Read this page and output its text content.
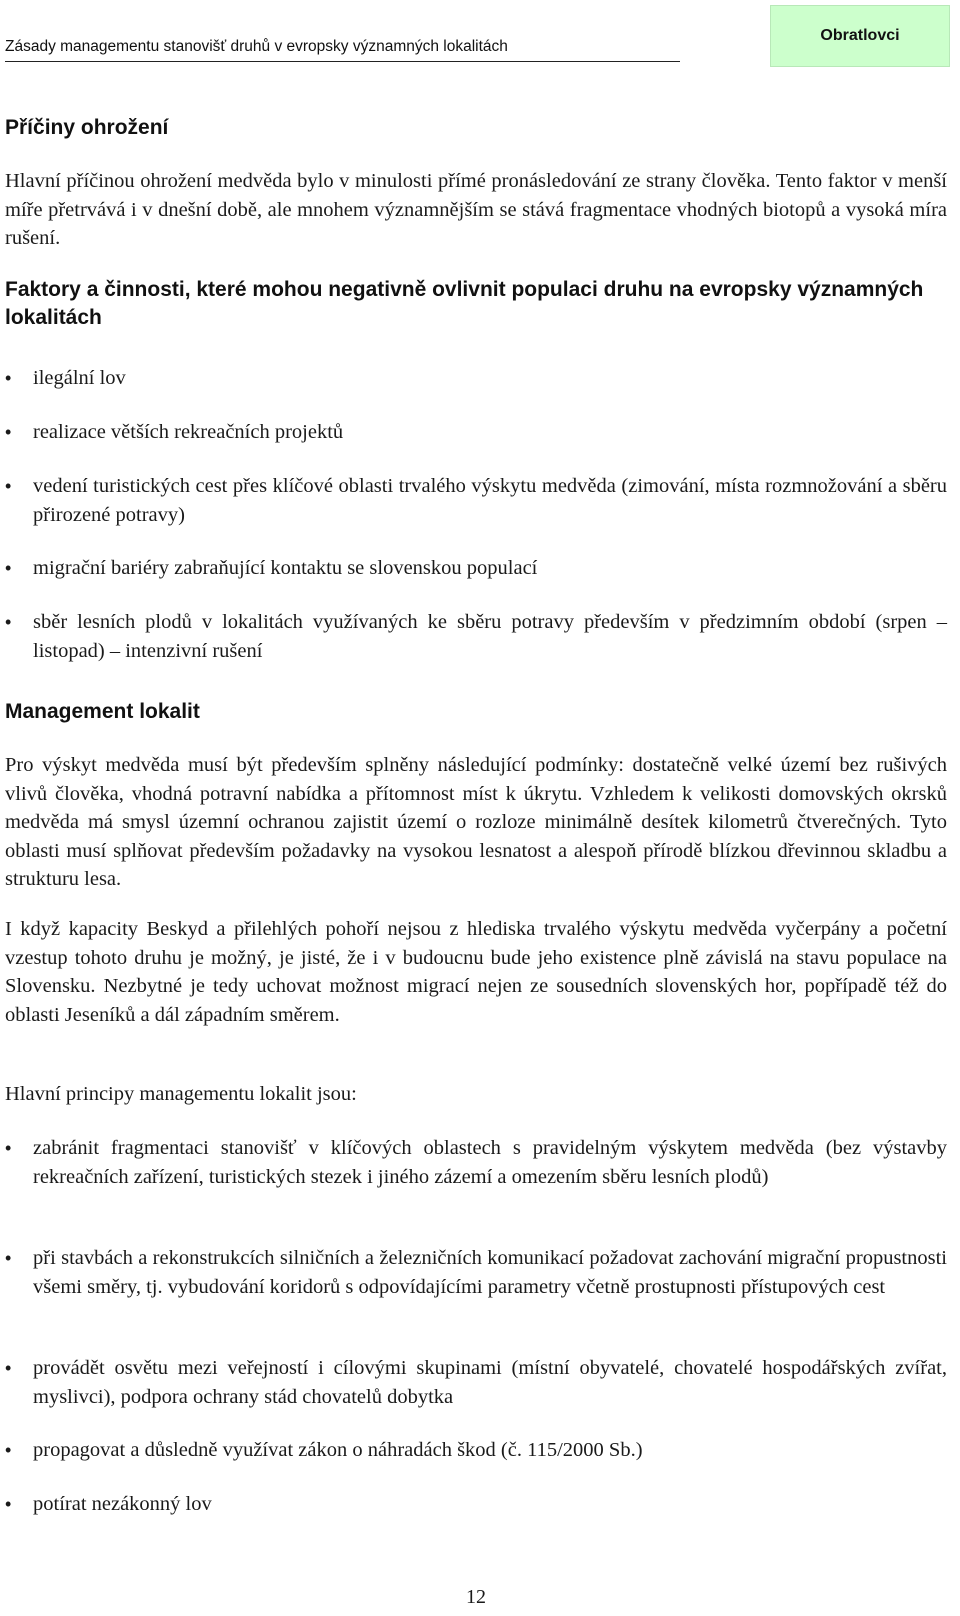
Zásady managementu stanovišť druhů v evropsky významných lokalitách
Obratlovci
Příčiny ohrožení

Hlavní příčinou ohrožení medvěda bylo v minulosti přímé pronásledování ze strany člověka. Tento faktor v menší míře přetrvává i v dnešní době, ale mnohem významnějším se stává fragmentace vhodných biotopů a vysoká míra rušení.

Faktory a činnosti, které mohou negativně ovlivnit populaci druhu na evropsky významných lokalitách
• ilegální lov
• realizace větších rekreačních projektů
• vedení turistických cest přes klíčové oblasti trvalého výskytu medvěda (zimování, místa rozmnožování a sběru přirozené potravy)
• migrační bariéry zabraňující kontaktu se slovenskou populací
• sběr lesních plodů v lokalitách využívaných ke sběru potravy především v předzimním období (srpen – listopad) – intenzivní rušení
Management lokalit

Pro výskyt medvěda musí být především splněny následující podmínky: dostatečně velké území bez rušivých vlivů člověka, vhodná potravní nabídka a přítomnost míst k úkrytu. Vzhledem k velikosti domovských okrsků medvěda má smysl územní ochranou zajistit území o rozloze minimálně desítek kilometrů čtverečných. Tyto oblasti musí splňovat především požadavky na vysokou lesnatost a alespoň přírodě blízkou dřevinnou skladbu a strukturu lesa.

I když kapacity Beskyd a přilehlých pohoří nejsou z hlediska trvalého výskytu medvěda vyčerpány a početní vzestup tohoto druhu je možný, je jisté, že i v budoucnu bude jeho existence plně závislá na stavu populace na Slovensku. Nezbytné je tedy uchovat možnost migrací nejen ze sousedních slovenských hor, popřípadě též do oblasti Jeseníků a dál západním směrem.

Hlavní principy managementu lokalit jsou:

• zabránit fragmentaci stanovišť v klíčových oblastech s pravidelným výskytem medvěda (bez výstavby rekreačních zařízení, turistických stezek i jiného zázemí a omezením sběru lesních plodů)
• při stavbách a rekonstrukcích silničních a železničních komunikací požadovat zachování migrační propustnosti všemi směry, tj. vybudování koridorů s odpovídajícími parametry včetně prostupnosti přístupových cest
• provádět osvětu mezi veřejností i cílovými skupinami (místní obyvatelé, chovatelé hospodářských zvířat, myslivci), podpora ochrany stád chovatelů dobytka
• propagovat a důsledně využívat zákon o náhradách škod (č. 115/2000 Sb.)
• potírat nezákonný lov
12
